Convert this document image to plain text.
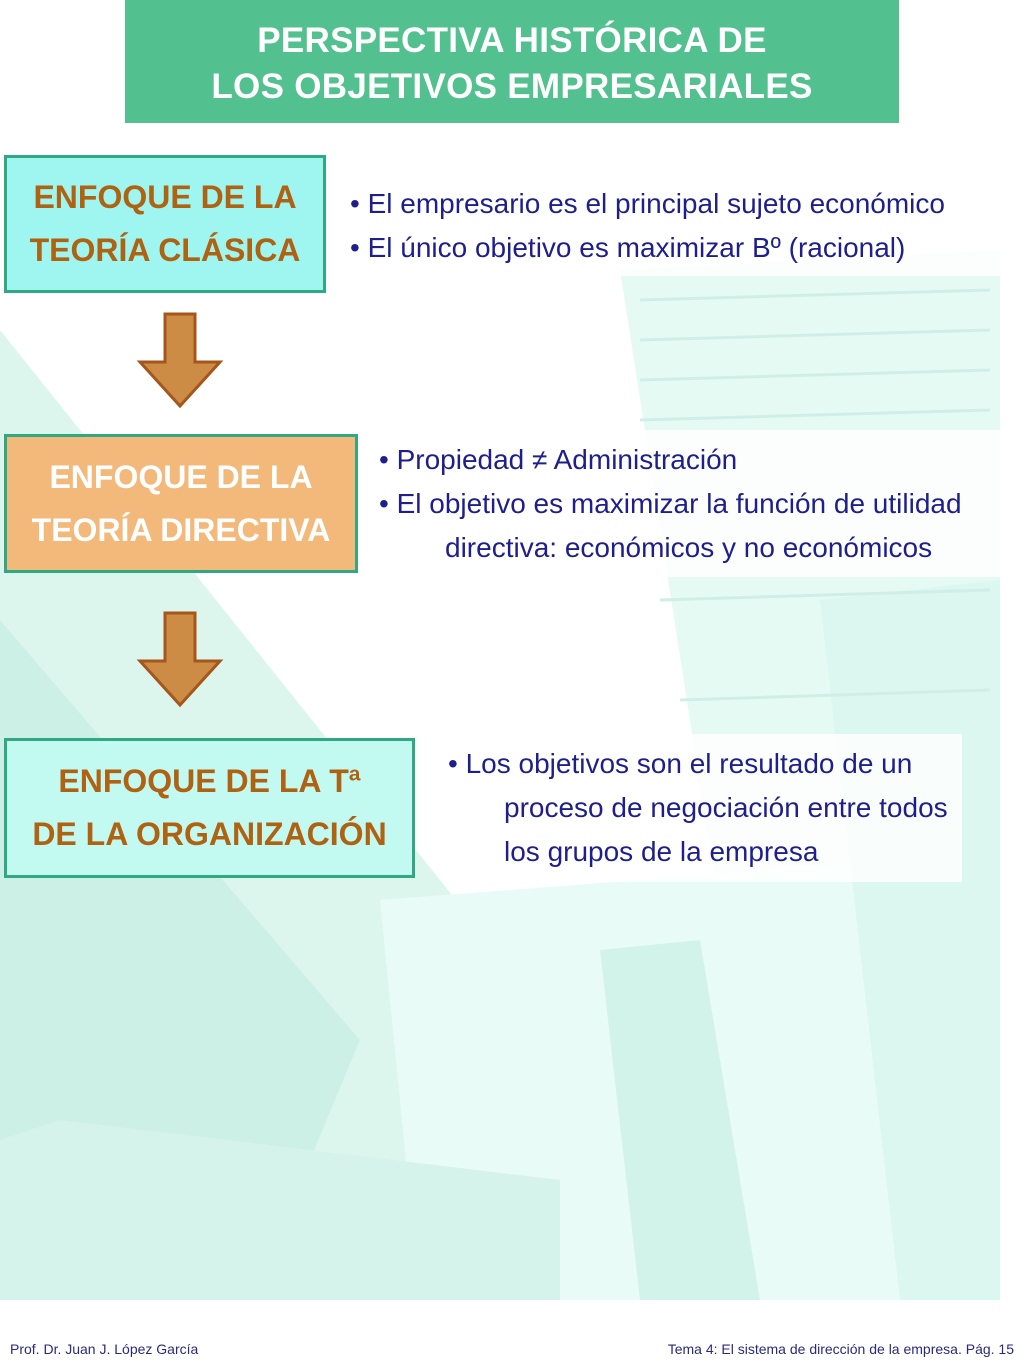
PERSPECTIVA HISTÓRICA DE
LOS OBJETIVOS EMPRESARIALES
ENFOQUE DE LA
TEORÍA CLÁSICA
• El empresario es el principal sujeto económico
• El único objetivo es maximizar Bº (racional)
ENFOQUE DE LA
TEORÍA DIRECTIVA
• Propiedad ≠ Administración
• El objetivo es maximizar la función de utilidad
directiva: económicos y no económicos
ENFOQUE DE LA Tª
DE LA ORGANIZACIÓN
• Los objetivos son el resultado de un
proceso de negociación entre todos
los grupos de la empresa
Prof. Dr. Juan J. López García	Tema 4: El sistema de dirección de la empresa. Pág. 15
